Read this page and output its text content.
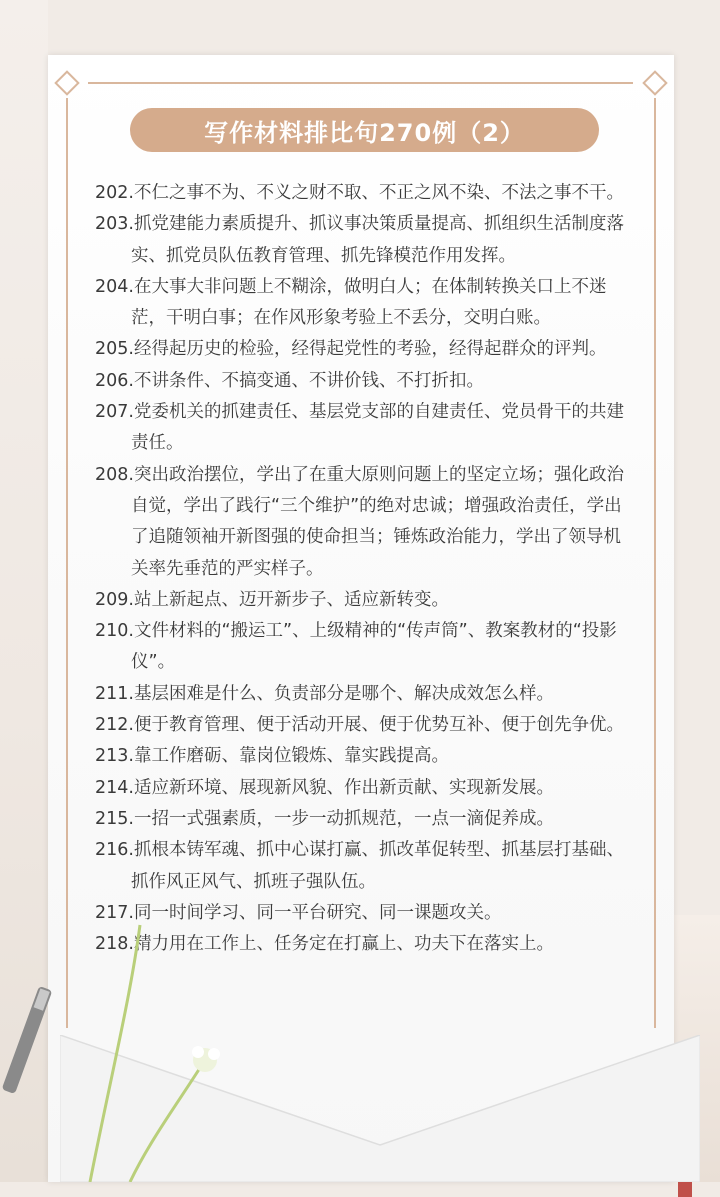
写作材料排比句270例（2）
202.不仁之事不为、不义之财不取、不正之风不染、不法之事不干。
203.抓党建能力素质提升、抓议事决策质量提高、抓组织生活制度落实、抓党员队伍教育管理、抓先锋模范作用发挥。
204.在大事大非问题上不糊涂，做明白人；在体制转换关口上不迷茫，干明白事；在作风形象考验上不丢分，交明白账。
205.经得起历史的检验，经得起党性的考验，经得起群众的评判。
206.不讲条件、不搞变通、不讲价钱、不打折扣。
207.党委机关的抓建责任、基层党支部的自建责任、党员骨干的共建责任。
208.突出政治摆位，学出了在重大原则问题上的坚定立场；强化政治自觉，学出了践行“三个维护”的绝对忠诚；增强政治责任，学出了追随领袖开新图强的使命担当；锤炼政治能力，学出了领导机关率先垂范的严实样子。
209.站上新起点、迈开新步子、适应新转变。
210.文件材料的“搬运工”、上级精神的“传声筒”、教案教材的“投影仪”。
211.基层困难是什么、负责部分是哪个、解决成效怎么样。
212.便于教育管理、便于活动开展、便于优势互补、便于创先争优。
213.靠工作磨砺、靠岗位锻炼、靠实践提高。
214.适应新环境、展现新风貌、作出新贡献、实现新发展。
215.一招一式强素质，一步一动抓规范，一点一滴促养成。
216.抓根本铸军魂、抓中心谋打赢、抓改革促转型、抓基层打基础、抓作风正风气、抓班子强队伍。
217.同一时间学习、同一平台研究、同一课题攻关。
218.精力用在工作上、任务定在打赢上、功夫下在落实上。
